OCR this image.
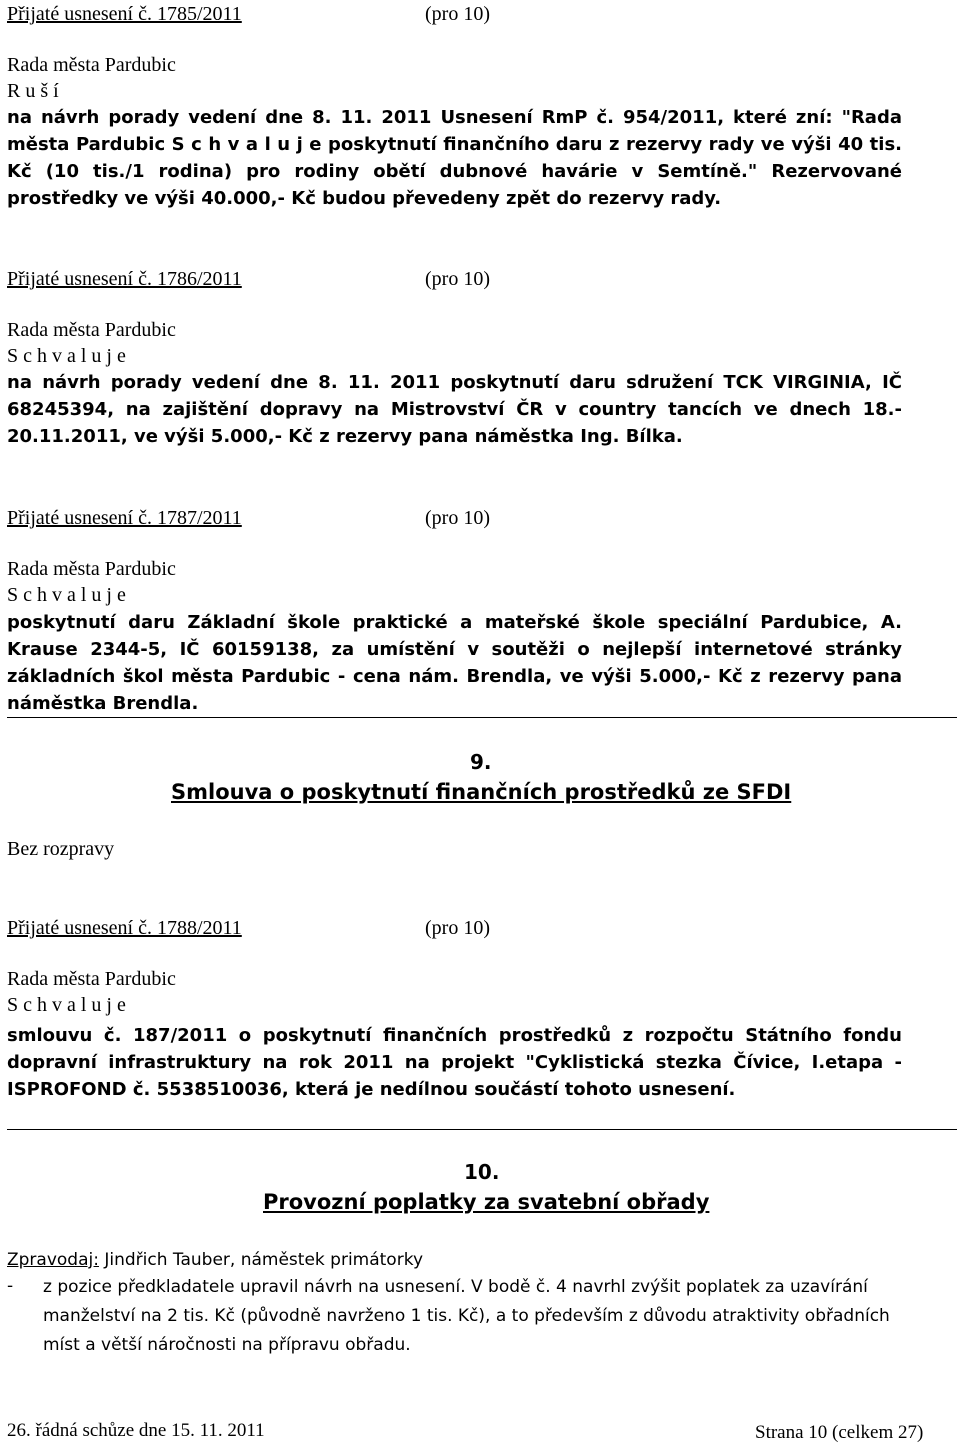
Přijaté usnesení č. 1785/2011	(pro 10)
Rada města Pardubic
R u š í
na návrh porady vedení dne 8. 11. 2011 Usnesení RmP č. 954/2011, které zní: "Rada města Pardubic S c h v a l u j e poskytnutí finančního daru z rezervy rady ve výši 40 tis. Kč (10 tis./1 rodina) pro rodiny obětí dubnové havárie v Semtíně." Rezervované prostředky ve výši 40.000,- Kč budou převedeny zpět do rezervy rady.
Přijaté usnesení č. 1786/2011	(pro 10)
Rada města Pardubic
S c h v a l u j e
na návrh porady vedení dne 8. 11. 2011 poskytnutí daru sdružení TCK VIRGINIA, IČ 68245394, na zajištění dopravy na Mistrovství ČR v country tancích ve dnech 18.- 20.11.2011, ve výši 5.000,- Kč z rezervy pana náměstka Ing. Bílka.
Přijaté usnesení č. 1787/2011	(pro 10)
Rada města Pardubic
S c h v a l u j e
poskytnutí daru Základní škole praktické a mateřské škole speciální Pardubice, A. Krause 2344-5, IČ 60159138, za umístění v soutěži o nejlepší internetové stránky základních škol města Pardubic - cena nám. Brendla, ve výši 5.000,- Kč z rezervy pana náměstka Brendla.
9.
Smlouva o poskytnutí finančních prostředků ze SFDI
Bez rozpravy
Přijaté usnesení č. 1788/2011	(pro 10)
Rada města Pardubic
S c h v a l u j e
smlouvu č. 187/2011 o poskytnutí finančních prostředků z rozpočtu Státního fondu dopravní infrastruktury na rok 2011 na projekt "Cyklistická stezka Čívice, I.etapa - ISPROFOND č. 5538510036, která je nedílnou součástí tohoto usnesení.
10.
Provozní poplatky za svatební obřady
Zpravodaj: Jindřich Tauber, náměstek primátorky
- z pozice předkladatele upravil návrh na usnesení. V bodě č. 4 navrhl zvýšit poplatek za uzavírání manželství na 2 tis. Kč (původně navrženo 1 tis. Kč), a to především z důvodu atraktivity obřadních míst a větší náročnosti na přípravu obřadu.
26. řádná schůze dne 15. 11. 2011	Strana 10 (celkem 27)
